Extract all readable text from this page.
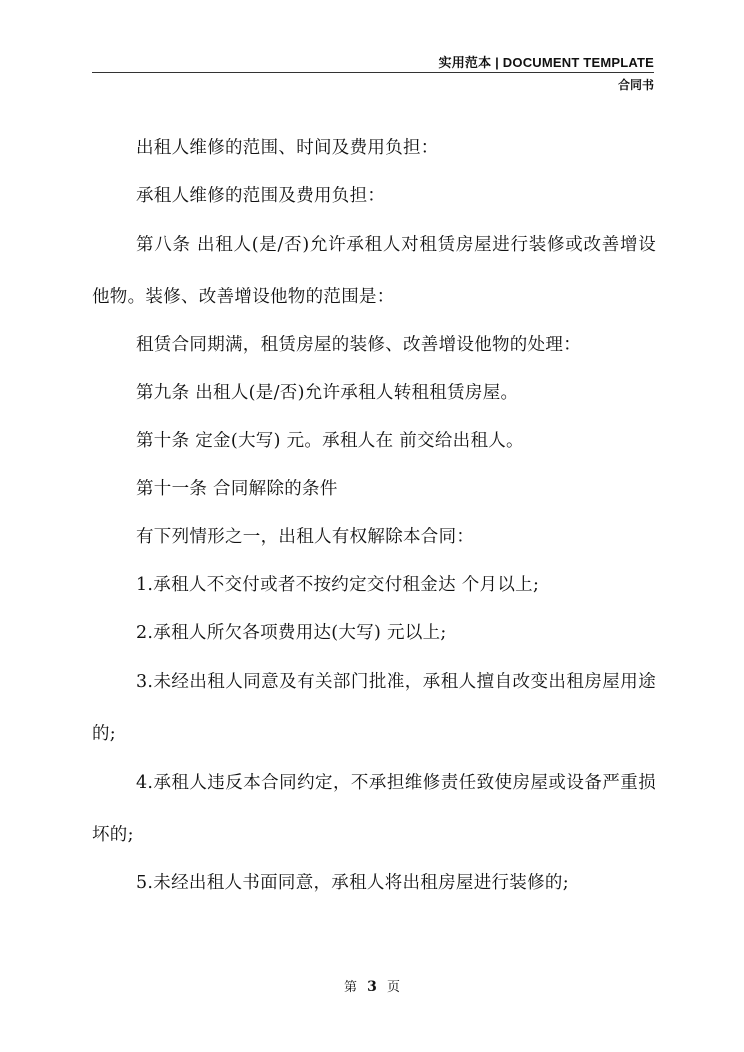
实用范本 | DOCUMENT TEMPLATE
合同书

出租人维修的范围、时间及费用负担：

承租人维修的范围及费用负担：

第八条 出租人(是/否)允许承租人对租赁房屋进行装修或改善增设他物。装修、改善增设他物的范围是：

租赁合同期满，租赁房屋的装修、改善增设他物的处理：

第九条 出租人(是/否)允许承租人转租租赁房屋。

第十条 定金(大写) 元。承租人在 前交给出租人。

第十一条 合同解除的条件

有下列情形之一，出租人有权解除本合同：

1.承租人不交付或者不按约定交付租金达 个月以上;

2.承租人所欠各项费用达(大写) 元以上;

3.未经出租人同意及有关部门批准，承租人擅自改变出租房屋用途的;

4.承租人违反本合同约定，不承担维修责任致使房屋或设备严重损坏的;

5.未经出租人书面同意，承租人将出租房屋进行装修的;

第 3 页
